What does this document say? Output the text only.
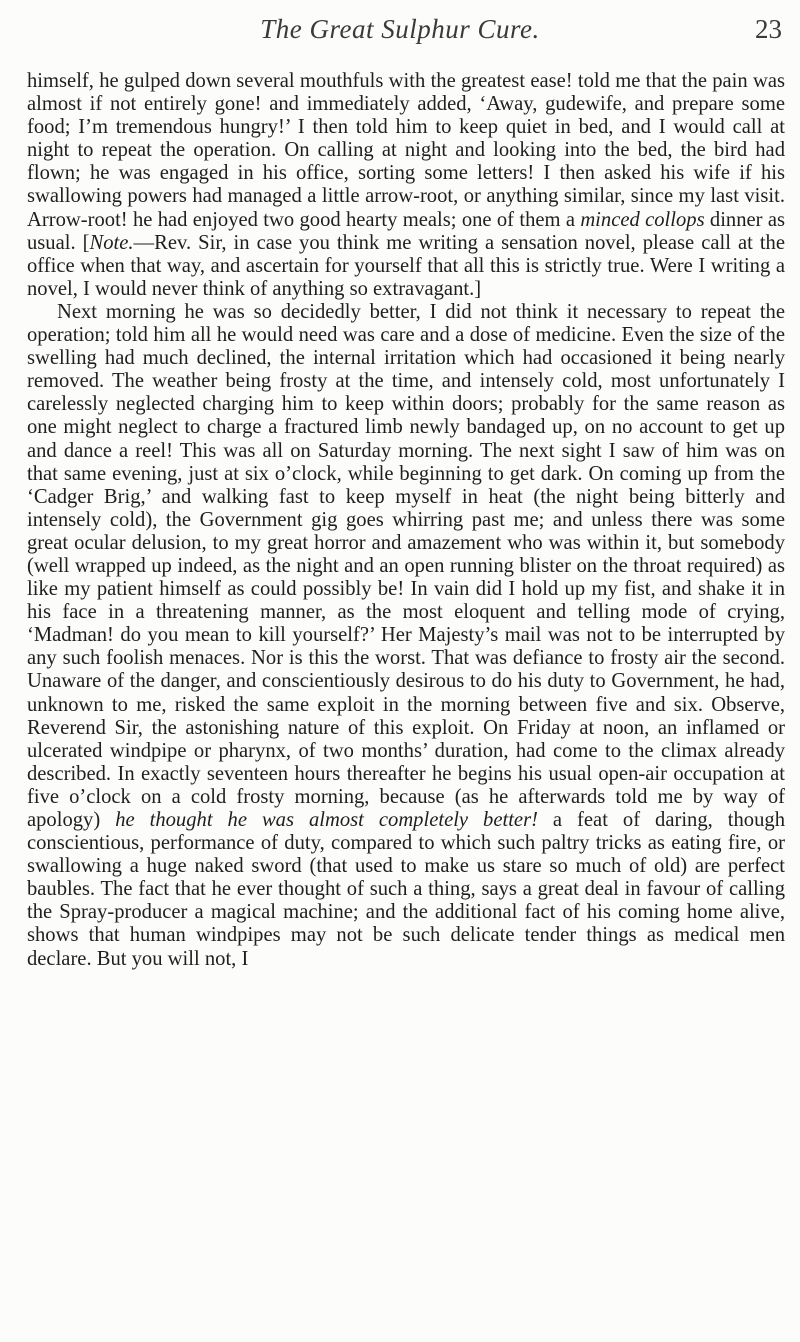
The Great Sulphur Cure.	23

himself, he gulped down several mouthfuls with the greatest ease! told me that the pain was almost if not entirely gone! and immediately added, ‘Away, gudewife, and prepare some food; I’m tremendous hungry!’ I then told him to keep quiet in bed, and I would call at night to repeat the operation. On calling at night and looking into the bed, the bird had flown; he was engaged in his office, sorting some letters! I then asked his wife if his swallowing powers had managed a little arrow-root, or anything similar, since my last visit. Arrow-root! he had enjoyed two good hearty meals; one of them a minced collops dinner as usual. [Note.—Rev. Sir, in case you think me writing a sensation novel, please call at the office when that way, and ascertain for yourself that all this is strictly true. Were I writing a novel, I would never think of anything so extravagant.]

Next morning he was so decidedly better, I did not think it necessary to repeat the operation; told him all he would need was care and a dose of medicine. Even the size of the swelling had much declined, the internal irritation which had occasioned it being nearly removed. The weather being frosty at the time, and intensely cold, most unfortunately I carelessly neglected charging him to keep within doors; probably for the same reason as one might neglect to charge a fractured limb newly bandaged up, on no account to get up and dance a reel! This was all on Saturday morning. The next sight I saw of him was on that same evening, just at six o’clock, while beginning to get dark. On coming up from the ‘Cadger Brig,’ and walking fast to keep myself in heat (the night being bitterly and intensely cold), the Government gig goes whirring past me; and unless there was some great ocular delusion, to my great horror and amazement who was within it, but somebody (well wrapped up indeed, as the night and an open running blister on the throat required) as like my patient himself as could possibly be! In vain did I hold up my fist, and shake it in his face in a threatening manner, as the most eloquent and telling mode of crying, ‘Madman! do you mean to kill yourself?’ Her Majesty’s mail was not to be interrupted by any such foolish menaces. Nor is this the worst. That was defiance to frosty air the second. Unaware of the danger, and conscientiously desirous to do his duty to Government, he had, unknown to me, risked the same exploit in the morning between five and six. Observe, Reverend Sir, the astonishing nature of this exploit. On Friday at noon, an inflamed or ulcerated windpipe or pharynx, of two months’ duration, had come to the climax already described. In exactly seventeen hours thereafter he begins his usual open-air occupation at five o’clock on a cold frosty morning, because (as he afterwards told me by way of apology) he thought he was almost completely better! a feat of daring, though conscientious, performance of duty, compared to which such paltry tricks as eating fire, or swallowing a huge naked sword (that used to make us stare so much of old) are perfect baubles. The fact that he ever thought of such a thing, says a great deal in favour of calling the Spray-producer a magical machine; and the additional fact of his coming home alive, shows that human windpipes may not be such delicate tender things as medical men declare. But you will not, I
